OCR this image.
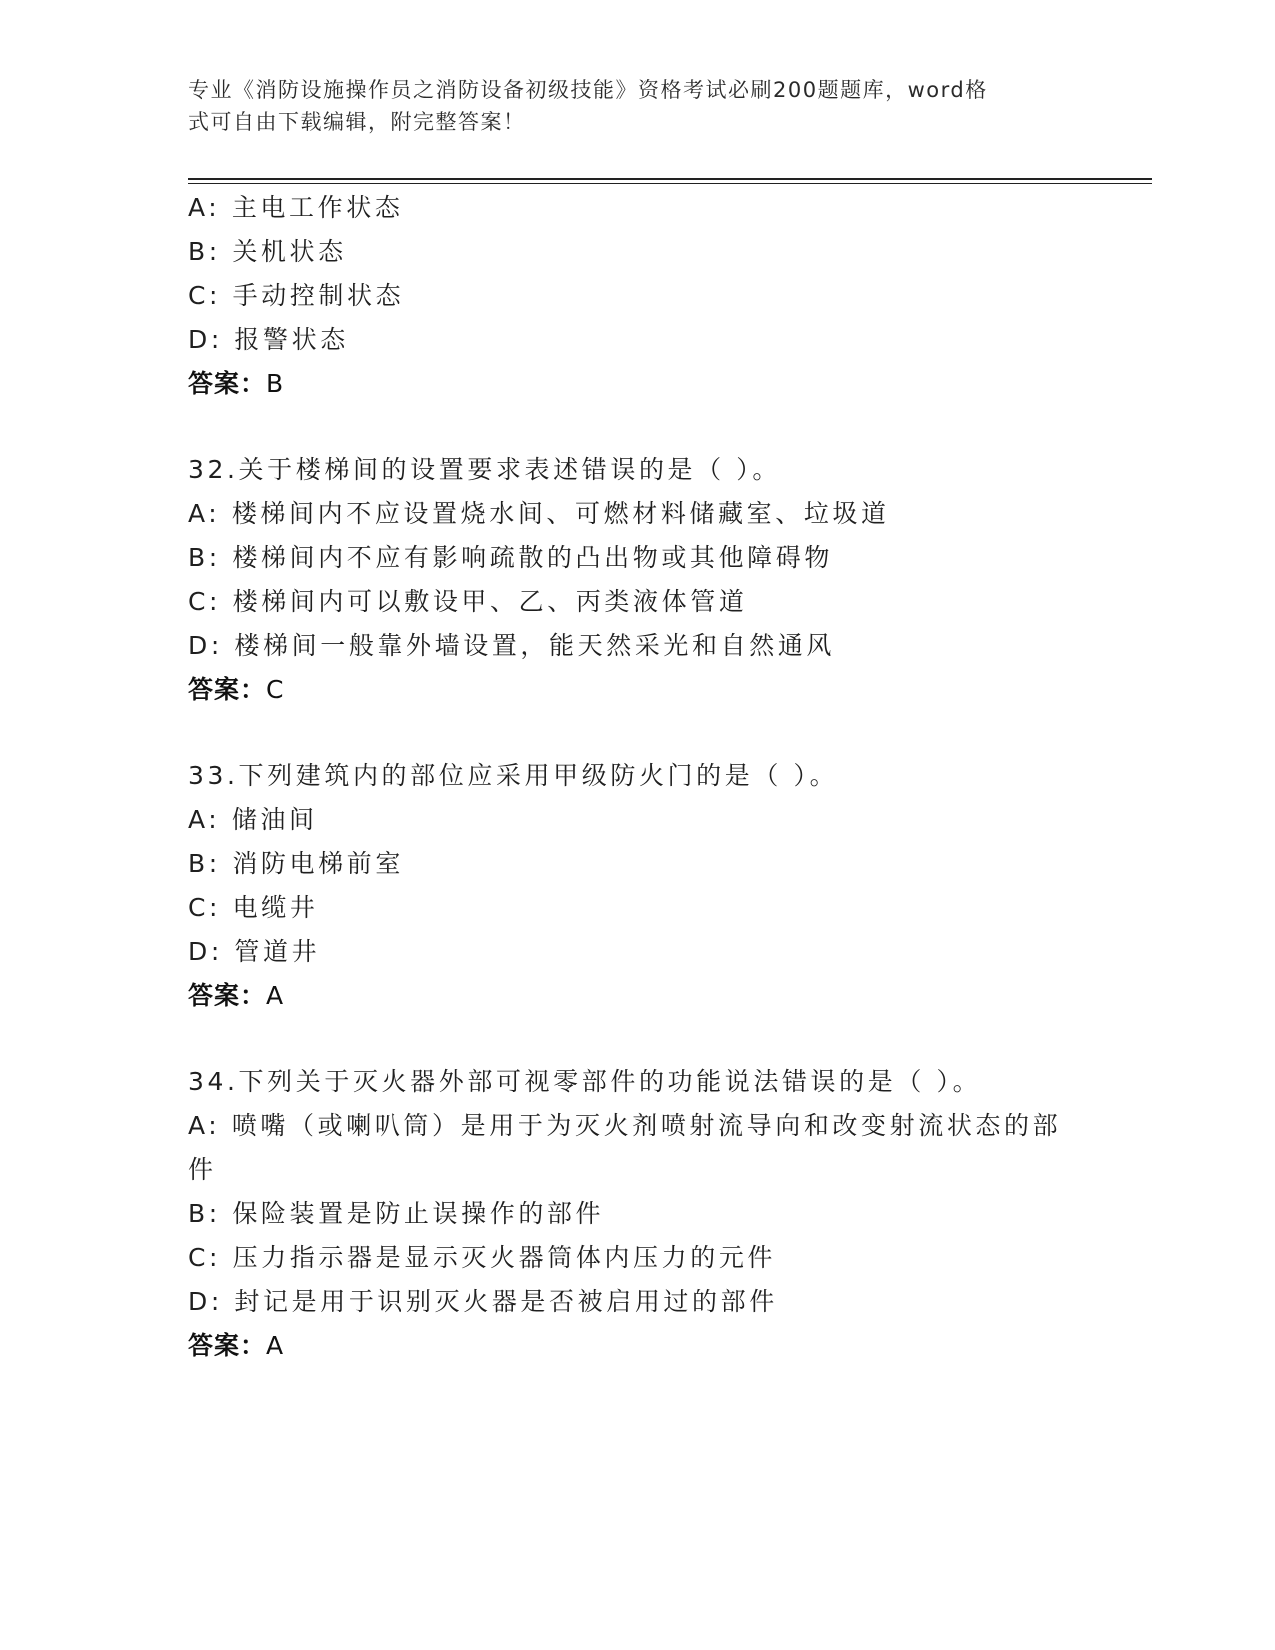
专业《消防设施操作员之消防设备初级技能》资格考试必刷200题题库，word格
式可自由下载编辑，附完整答案！
A: 主电工作状态
B: 关机状态
C: 手动控制状态
D: 报警状态
答案：B
32.关于楼梯间的设置要求表述错误的是（ ）。
A: 楼梯间内不应设置烧水间、可燃材料储藏室、垃圾道
B: 楼梯间内不应有影响疏散的凸出物或其他障碍物
C: 楼梯间内可以敷设甲、乙、丙类液体管道
D: 楼梯间一般靠外墙设置，能天然采光和自然通风
答案：C
33.下列建筑内的部位应采用甲级防火门的是（ ）。
A: 储油间
B: 消防电梯前室
C: 电缆井
D: 管道井
答案：A
34.下列关于灭火器外部可视零部件的功能说法错误的是（ ）。
A: 喷嘴（或喇叭筒）是用于为灭火剂喷射流导向和改变射流状态的部
件
B: 保险装置是防止误操作的部件
C: 压力指示器是显示灭火器筒体内压力的元件
D: 封记是用于识别灭火器是否被启用过的部件
答案：A
